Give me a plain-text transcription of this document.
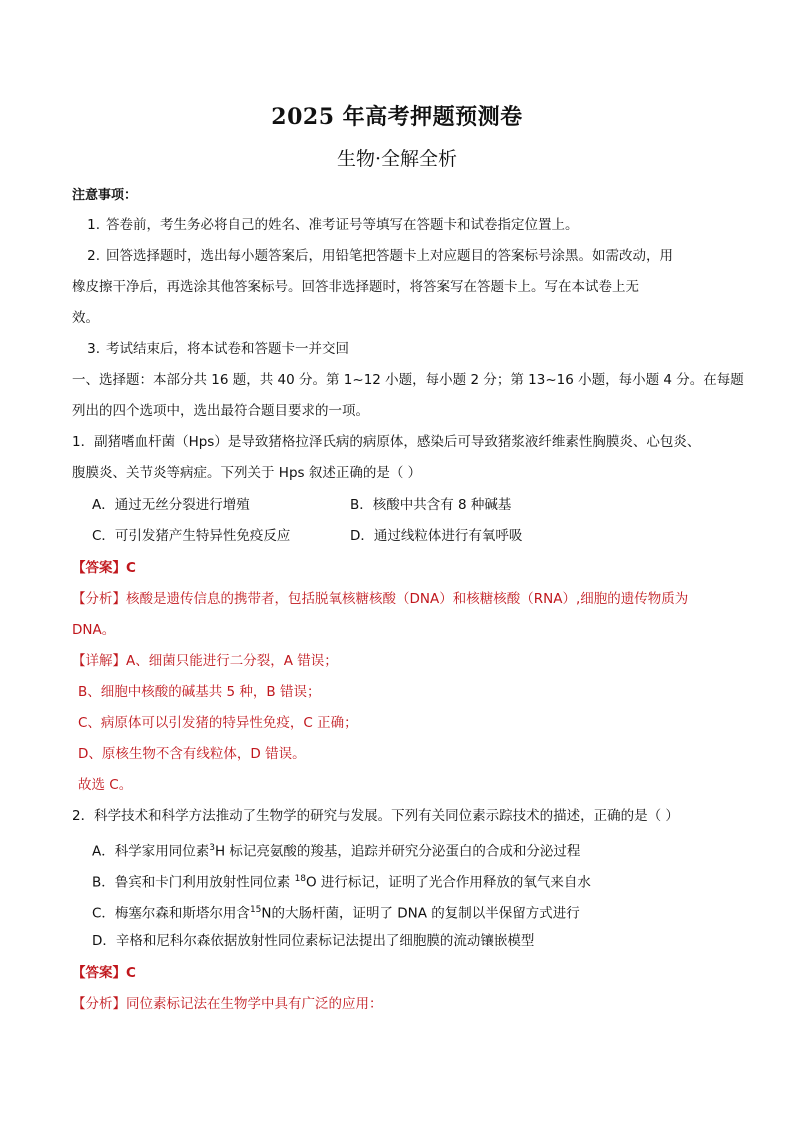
2025 年高考押题预测卷
生物·全解全析
注意事项：
1. 答卷前，考生务必将自己的姓名、准考证号等填写在答题卡和试卷指定位置上。
2. 回答选择题时，选出每小题答案后，用铅笔把答题卡上对应题目的答案标号涂黑。如需改动，用
橡皮擦干净后，再选涂其他答案标号。回答非选择题时，将答案写在答题卡上。写在本试卷上无
效。
3. 考试结束后，将本试卷和答题卡一并交回
一、选择题：本部分共 16 题，共 40 分。第 1~12 小题，每小题 2 分；第 13~16 小题，每小题 4 分。在每题
列出的四个选项中，选出最符合题目要求的一项。
1．副猪嗜血杆菌（Hps）是导致猪格拉泽氏病的病原体，感染后可导致猪浆液纤维素性胸膜炎、心包炎、
腹膜炎、关节炎等病症。下列关于 Hps 叙述正确的是（ ）
A．通过无丝分裂进行增殖	B．核酸中共含有 8 种碱基
C．可引发猪产生特异性免疫反应	D．通过线粒体进行有氧呼吸
【答案】C
【分析】核酸是遗传信息的携带者，包括脱氧核糖核酸（DNA）和核糖核酸（RNA）,细胞的遗传物质为
DNA。
【详解】A、细菌只能进行二分裂，A 错误；
B、细胞中核酸的碱基共 5 种，B 错误；
C、病原体可以引发猪的特异性免疫，C 正确；
D、原核生物不含有线粒体，D 错误。
故选 C。
2．科学技术和科学方法推动了生物学的研究与发展。下列有关同位素示踪技术的描述，正确的是（ ）
A．科学家用同位素$^3$H 标记亮氨酸的羧基，追踪并研究分泌蛋白的合成和分泌过程
B．鲁宾和卡门利用放射性同位素 $^{18}$O 进行标记，证明了光合作用释放的氧气来自水
C．梅塞尔森和斯塔尔用含$^{15}$N的大肠杆菌，证明了 DNA 的复制以半保留方式进行
D．辛格和尼科尔森依据放射性同位素标记法提出了细胞膜的流动镶嵌模型
【答案】C
【分析】同位素标记法在生物学中具有广泛的应用：
